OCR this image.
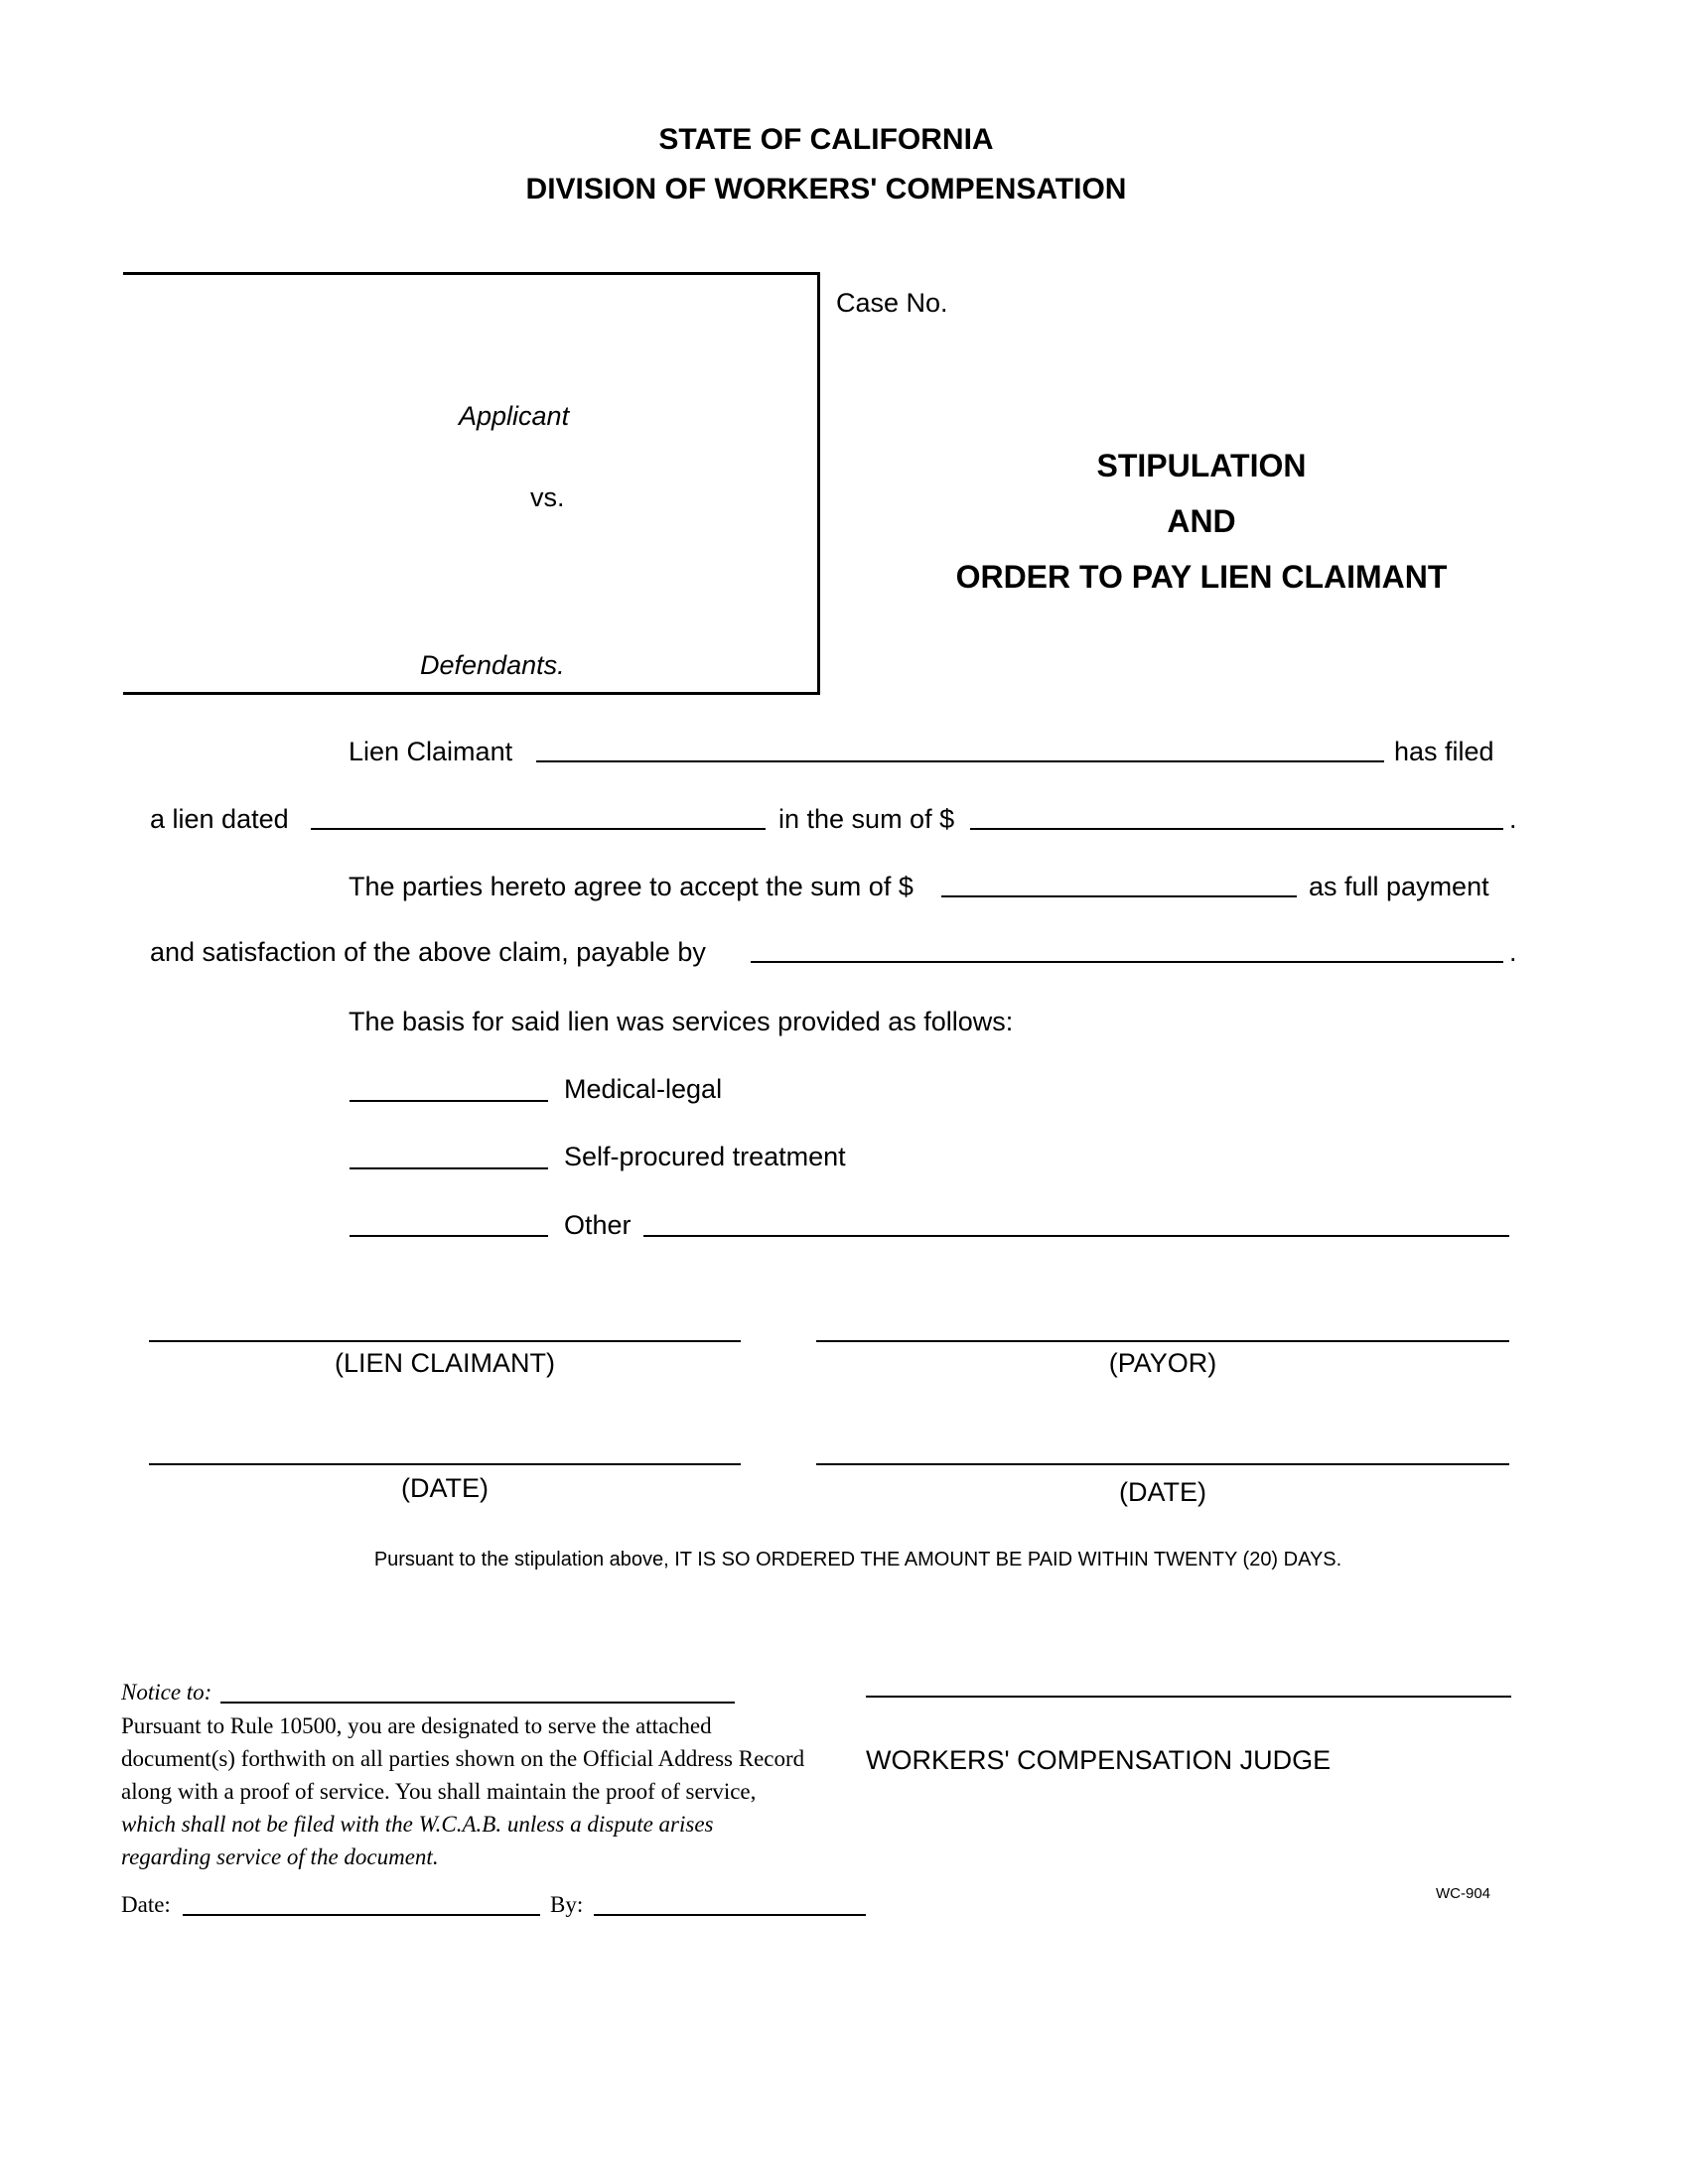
STATE OF CALIFORNIA
DIVISION OF WORKERS' COMPENSATION
Applicant
vs.
Defendants.
Case No.
STIPULATION
AND
ORDER TO PAY LIEN CLAIMANT
Lien Claimant	has filed
a lien dated	in the sum of $	.
The parties hereto agree to accept the sum of $	as full payment
and satisfaction of the above claim, payable by	.
The basis for said lien was services provided as follows:
Medical-legal
Self-procured treatment
Other
(LIEN CLAIMANT)	(PAYOR)
(DATE)	(DATE)
Pursuant to the stipulation above, IT IS SO ORDERED THE AMOUNT BE PAID WITHIN TWENTY (20) DAYS.
Notice to:
Pursuant to Rule 10500, you are designated to serve the attached document(s) forthwith on all parties shown on the Official Address Record along with a proof of service. You shall maintain the proof of service, which shall not be filed with the W.C.A.B. unless a dispute arises regarding service of the document.
Date:	By:
WORKERS' COMPENSATION JUDGE
WC-904
